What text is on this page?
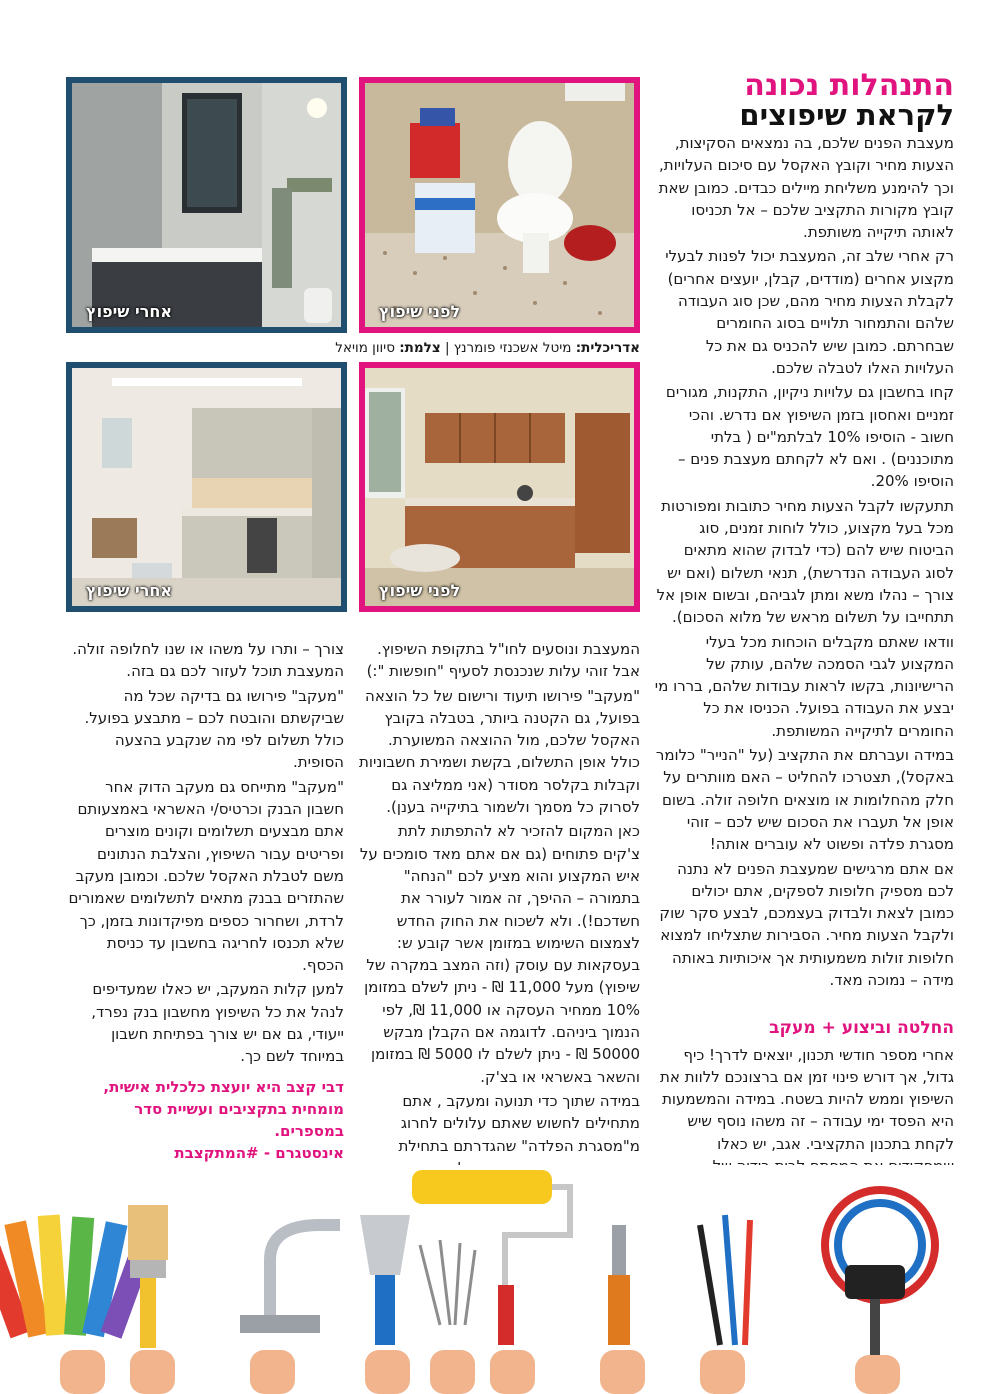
התנהלות נכונה
לקראת שיפוצים
אחרי שיפוץ	לפני שיפוץ
אדריכלית: מיטל אשכנזי פומרנץ | צלמת: סיוון מויאל
אחרי שיפוץ	לפני שיפוץ

מעצבת הפנים שלכם, בה נמצאים הסקיצות, הצעות מחיר וקובץ האקסל עם סיכום העלויות, וכך להימנע משליחת מיילים כבדים. כמובן שאת קובץ מקורות התקציב שלכם – אל תכניסו לאותה תיקייה משותפת.

רק אחרי שלב זה, המעצבת יכול לפנות לבעלי מקצוע אחרים (מודדים, קבלן, יועצים אחרים) לקבלת הצעות מחיר מהם, שכן סוג העבודה שלהם והתמחור תלויים בסוג החומרים שבחרתם. כמובן שיש להכניס גם את כל העלויות האלו לטבלה שלכם.

קחו בחשבון גם עלויות ניקיון, התקנות, מגורים זמניים ואחסון בזמן השיפוץ אם נדרש. והכי חשוב - הוסיפו 10% לבלתמ"ים ( בלתי מתוכננים) . ואם לא לקחתם מעצבת פנים – הוסיפו 20%.

תתעקשו לקבל הצעות מחיר כתובות ומפורטות מכל בעל מקצוע, כולל לוחות זמנים, סוג הביטוח שיש להם (כדי לבדוק שהוא מתאים לסוג העבודה הנדרשת), תנאי תשלום (ואם יש צורך – נהלו משא ומתן לגביהם, ובשום אופן אל תתחייבו על תשלום מראש של מלוא הסכום).

וודאו שאתם מקבלים הוכחות מכל בעלי המקצוע לגבי הסמכה שלהם, עותק של הרישיונות, בקשו לראות עבודות שלהם, בררו מי יבצע את העבודה בפועל. הכניסו את כל החומרים לתיקייה המשותפת.

במידה ועברתם את התקציב (על "הנייר" כלומר באקסל), תצטרכו להחליט – האם מוותרים על חלק מהחלומות או מוצאים חלופה זולה. בשום אופן אל תעברו את הסכום שיש לכם – זוהי מסגרת פלדה ופשוט לא עוברים אותה!

אם אתם מרגישים שמעצבת הפנים לא נתנה לכם מספיק חלופות לספקים, אתם יכולים כמובן לצאת ולבדוק בעצמכם, לבצע סקר שוק ולקבל הצעות מחיר. הסבירות שתצליחו למצוא חלופות זולות משמעותית אך איכותיות באותה מידה – נמוכה מאד.

החלטה וביצוע + מעקב

אחרי מספר חודשי תכנון, יוצאים לדרך! כיף גדול, אך דורש פינוי זמן אם ברצונכם ללוות את השיפוץ וממש להיות בשטח. במידה והמשמעות היא הפסד ימי עבודה – זה משהו נוסף שיש לקחת בתכנון התקציבי. אגב, יש כאלו

המעצבת ונוסעים לחו"ל בתקופת השיפוץ. אבל זוהי עלות שנכנסת לסעיף "חופשות ":)

"מעקב" פירושו תיעוד ורישום של כל הוצאה בפועל, גם הקטנה ביותר, בטבלה בקובץ האקסל שלכם, מול ההוצאה המשוערת. כולל אופן התשלום, בקשת ושמירת חשבוניות וקבלות בקלסר מסודר (אני ממליצה גם לסרוק כל מסמך ולשמור בתיקייה בענן).

כאן המקום להזכיר לא להתפתות לתת צ'קים פתוחים (גם אם אתם מאד סומכים על איש המקצוע והוא מציע לכם "הנחה" בתמורה – ההיפך, זה אמור לעורר את חשדכם!). ולא לשכוח את החוק החדש לצמצום השימוש במזומן אשר קובע ש: בעסקאות עם עוסק (וזה המצב במקרה של שיפוץ) מעל 11,000 ₪ - ניתן לשלם במזומן 10% ממחיר העסקה או 11,000 ₪, לפי הנמוך ביניהם. לדוגמה אם הקבלן מבקש 50000 ₪ - ניתן לשלם לו 5000 ₪ במזומן והשאר באשראי או בצ'ק.

במידה שתוך כדי תנועה ומעקב , אתם מתחילים לחשוש שאתם עלולים לחרוג מ"מסגרת הפלדה" שהגדרתם בתחילת

צורך – ותרו על משהו או שנו לחלופה זולה. המעצבת תוכל לעזור לכם גם בזה.

"מעקב" פירושו גם בדיקה שכל מה שביקשתם והובטח לכם – מתבצע בפועל. כולל תשלום לפי מה שנקבע בהצעה הסופית.

"מעקב" מתייחס גם מעקב הדוק אחר חשבון הבנק וכרטיס/י האשראי באמצעותם אתם מבצעים תשלומים וקונים מוצרים ופריטים עבור השיפוץ, והצלבת הנתונים משם לטבלת האקסל שלכם. וכמובן מעקב שהתזרים בבנק מתאים לתשלומים שאמורים לרדת, ושחרור כספים מפיקדונות בזמן, כך שלא תכנסו לחריגה בחשבון עד כניסת הכסף.

למען קלות המעקב, יש כאלו שמעדיפים לנהל את כל השיפוץ מחשבון בנק נפרד, ייעודי, גם אם יש צורך בפתיחת חשבון במיוחד לשם כך.

דבי קצב היא יועצת כלכלית אישית,
מומחית בתקציבים ועשיית סדר במספרים.
אינסטגרם - #המתקצבת
